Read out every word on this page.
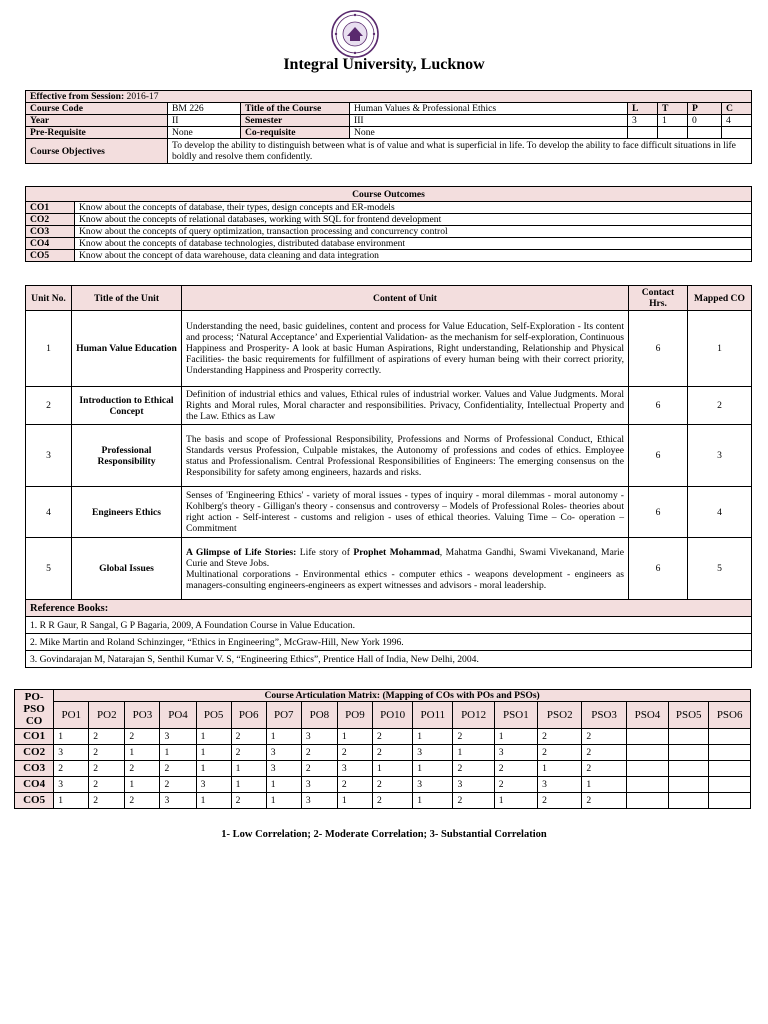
Integral University, Lucknow
Effective from Session: 2016-17							
Course Code	BM 226	Title of the Course	Human Values & Professional Ethics	L	T	P	C
Year	II	Semester	III	3	1	0	4
Pre-Requisite	None	Co-requisite	None				
Course Objectives	To develop the ability to distinguish between what is of value and what is superficial in life. To develop the ability to face difficult situations in life boldly and resolve them confidently.						
Course Outcomes	
CO1	Know about the concepts of database, their types, design concepts and ER-models
CO2	Know about the concepts of relational databases, working with SQL for frontend development
CO3	Know about the concepts of query optimization, transaction processing and concurrency control
CO4	Know about the concepts of database technologies, distributed database environment
CO5	Know about the concept of data warehouse, data cleaning and data integration
Unit No.	Title of the Unit	Content of Unit	Contact Hrs.	Mapped CO
1	Human Value Education	Understanding the need, basic guidelines, content and process for Value Education, Self-Exploration - Its content and process; ‘Natural Acceptance’ and Experiential Validation- as the mechanism for self-exploration, Continuous Happiness and Prosperity- A look at basic Human Aspirations, Right understanding, Relationship and Physical Facilities- the basic requirements for fulfillment of aspirations of every human being with their correct priority, Understanding Happiness and Prosperity correctly.	6	1
2	Introduction to Ethical Concept	Definition of industrial ethics and values, Ethical rules of industrial worker. Values and Value Judgments. Moral Rights and Moral rules, Moral character and responsibilities. Privacy, Confidentiality, Intellectual Property and the Law. Ethics as Law	6	2
3	Professional Responsibility	The basis and scope of Professional Responsibility, Professions and Norms of Professional Conduct, Ethical Standards versus Profession, Culpable mistakes, the Autonomy of professions and codes of ethics. Employee status and Professionalism. Central Professional Responsibilities of Engineers: The emerging consensus on the Responsibility for safety among engineers, hazards and risks.	6	3
4	Engineers Ethics	Senses of 'Engineering Ethics' - variety of moral issues - types of inquiry - moral dilemmas - moral autonomy - Kohlberg's theory - Gilligan's theory - consensus and controversy – Models of Professional Roles- theories about right action - Self-interest - customs and religion - uses of ethical theories. Valuing Time – Co- operation – Commitment	6	4
5	Global Issues	A Glimpse of Life Stories: Life story of Prophet Mohammad, Mahatma Gandhi, Swami Vivekanand, Marie Curie and Steve Jobs.
Multinational corporations - Environmental ethics - computer ethics - weapons development - engineers as managers-consulting engineers-engineers as expert witnesses and advisors - moral leadership.	6	5
Reference Books:				
1. R R Gaur, R Sangal, G P Bagaria, 2009, A Foundation Course in Value Education.				
2. Mike Martin and Roland Schinzinger, “Ethics in Engineering”, McGraw-Hill, New York 1996.				
3. Govindarajan M, Natarajan S, Senthil Kumar V. S, “Engineering Ethics”, Prentice Hall of India, New Delhi, 2004.				
PO-PSO
CO	Course Articulation Matrix: (Mapping of COs with POs and PSOs)																	
	PO1	PO2	PO3	PO4	PO5	PO6	PO7	PO8	PO9	PO10	PO11	PO12	PSO1	PSO2	PSO3	PSO4	PSO5	PSO6

CO1	1	2	2	3	1	2	1	3	1	2	1	2	1	2	2			
CO2	3	2	1	1	1	2	3	2	2	2	3	1	3	2	2			
CO3	2	2	2	2	1	1	3	2	3	1	1	2	2	1	2			
CO4	3	2	1	2	3	1	1	3	2	2	3	3	2	3	1			
CO5	1	2	2	3	1	2	1	3	1	2	1	2	1	2	2			
1- Low Correlation; 2- Moderate Correlation; 3- Substantial Correlation
